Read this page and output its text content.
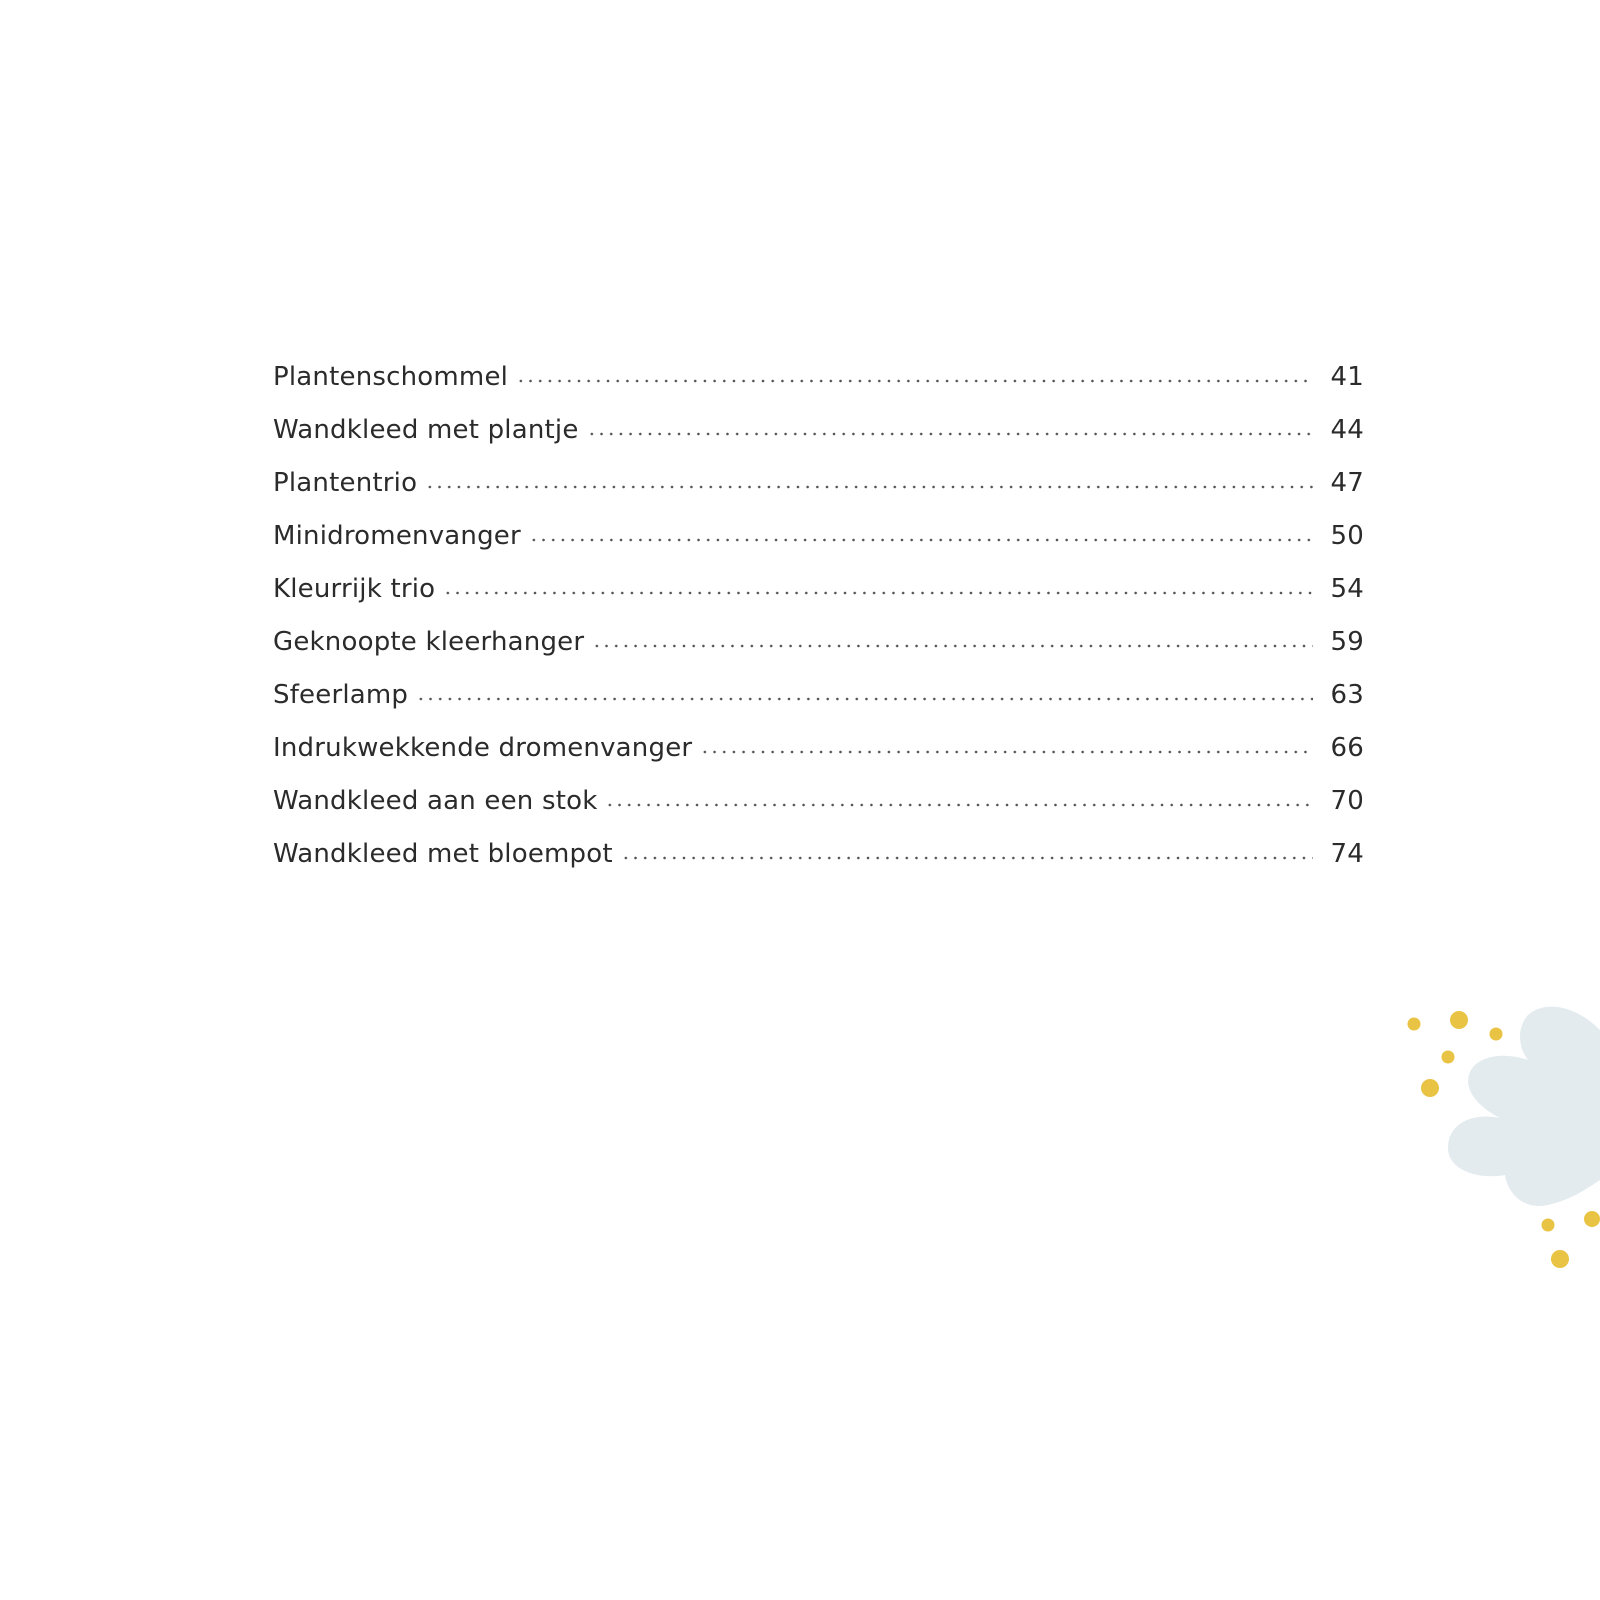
Plantenschommel	41
Wandkleed met plantje	44
Plantentrio	47
Minidromenvanger	50
Kleurrijk trio	54
Geknoopte kleerhanger	59
Sfeerlamp	63
Indrukwekkende dromenvanger	66
Wandkleed aan een stok	70
Wandkleed met bloempot	74
